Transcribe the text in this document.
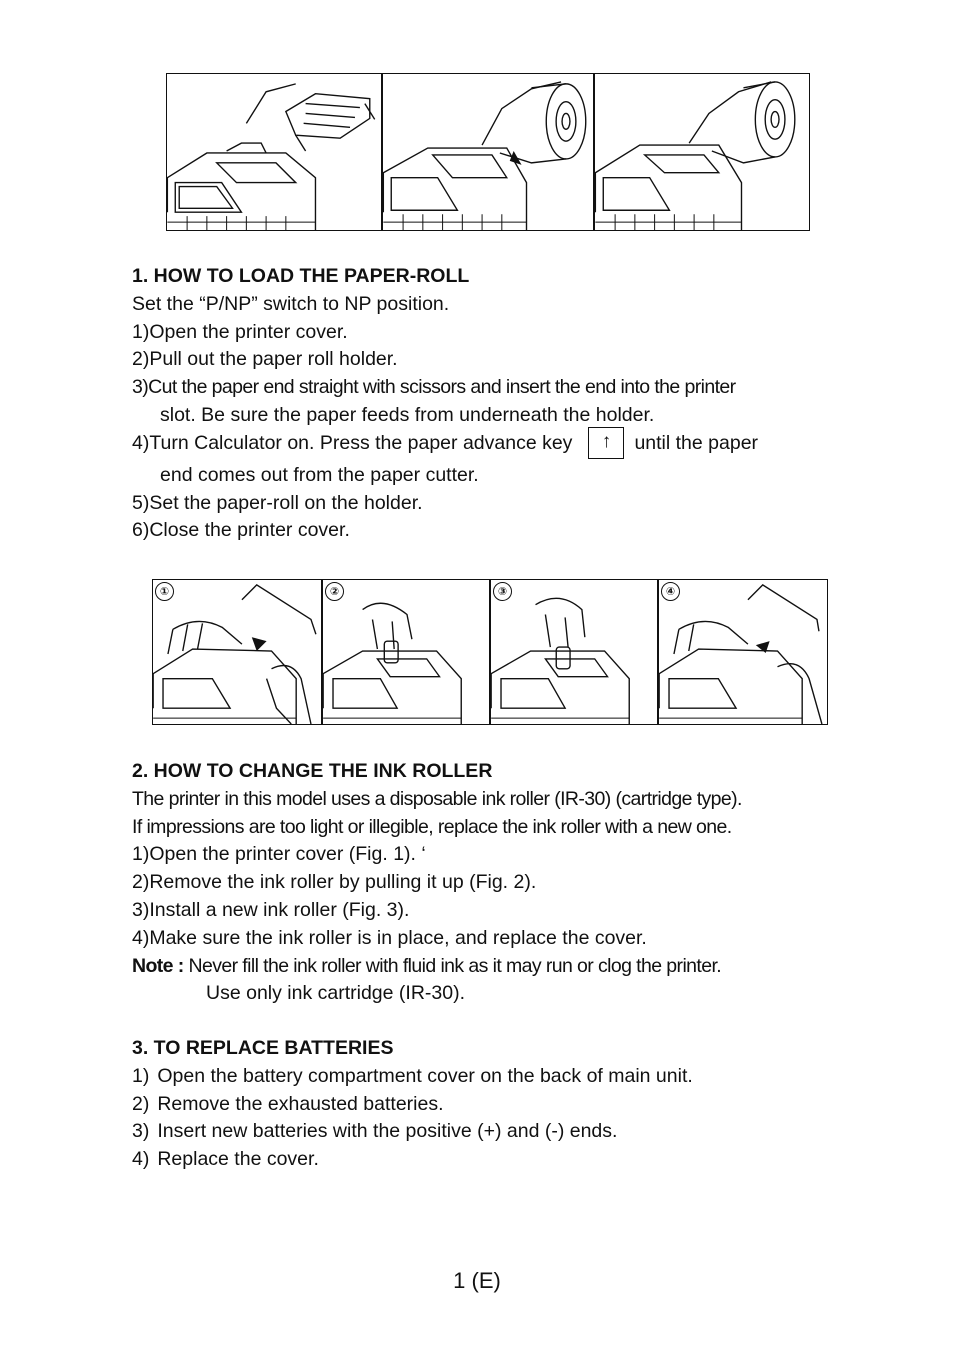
1. HOW TO LOAD THE PAPER-ROLL

Set the “P/NP” switch to NP position.

1) Open the printer cover.
2) Pull out the paper roll holder.
3) Cut the paper end straight with scissors and insert the end into the printer
slot. Be sure the paper feeds from underneath the holder.
4) Turn Calculator on. Press the paper advance key	↑	until the paper
end comes out from the paper cutter.
5) Set the paper-roll on the holder.
6) Close the printer cover.
①	②	③	④

2. HOW TO CHANGE THE INK ROLLER

The printer in this model uses a disposable ink roller (IR-30) (cartridge type).

If impressions are too light or illegible, replace the ink roller with a new one.

1) Open the printer cover (Fig. 1). ‘
2) Remove the ink roller by pulling it up (Fig. 2).
3) Install a new ink roller (Fig. 3).
4) Make sure the ink roller is in place, and replace the cover.
Note : Never fill the ink roller with fluid ink as it may run or clog the printer.
Use only ink cartridge (IR-30).

3. TO REPLACE BATTERIES

1) Open the battery compartment cover on the back of main unit.
2) Remove the exhausted batteries.
3) Insert new batteries with the positive (+) and (-) ends.
4) Replace the cover.
1 (E)
